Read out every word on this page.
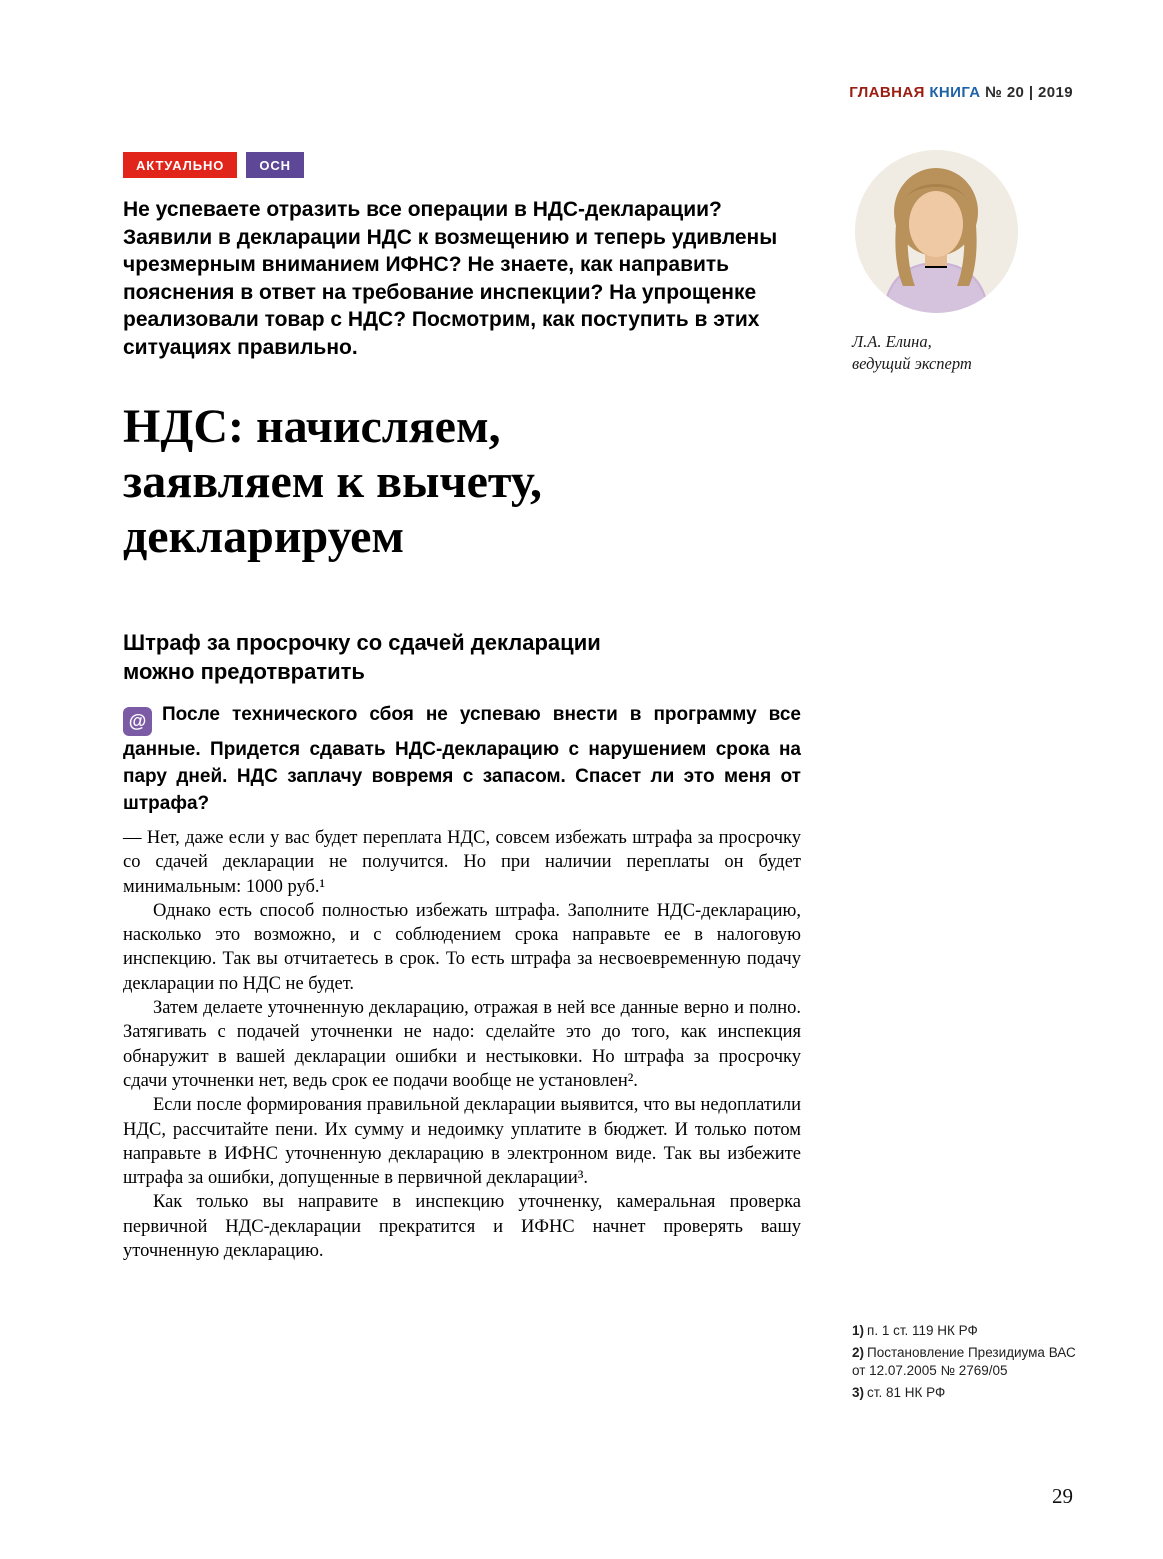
ГЛАВНАЯ КНИГА № 20 | 2019
Л.А. Елина,
ведущий эксперт
АКТУАЛЬНО	ОСН
Не успеваете отразить все операции в НДС-декларации? Заявили в декларации НДС к возмещению и теперь удивлены чрезмерным вниманием ИФНС? Не знаете, как направить пояснения в ответ на требование инспекции? На упрощенке реализовали товар с НДС? Посмотрим, как поступить в этих ситуациях правильно.
НДС: начисляем,
заявляем к вычету,
декларируем
Штраф за просрочку со сдачей декларации
можно предотвратить
@ После технического сбоя не успеваю внести в программу все данные. Придется сдавать НДС-декларацию с нарушением срока на пару дней. НДС заплачу вовремя с запасом. Спасет ли это меня от штрафа?

— Нет, даже если у вас будет переплата НДС, совсем избежать штрафа за просрочку со сдачей декларации не получится. Но при наличии переплаты он будет минимальным: 1000 руб.¹

Однако есть способ полностью избежать штрафа. Заполните НДС-декларацию, насколько это возможно, и с соблюдением срока направьте ее в налоговую инспекцию. Так вы отчитаетесь в срок. То есть штрафа за несвоевременную подачу декларации по НДС не будет.

Затем делаете уточненную декларацию, отражая в ней все данные верно и полно. Затягивать с подачей уточненки не надо: сделайте это до того, как инспекция обнаружит в вашей декларации ошибки и нестыковки. Но штрафа за просрочку сдачи уточненки нет, ведь срок ее подачи вообще не установлен².

Если после формирования правильной декларации выявится, что вы недоплатили НДС, рассчитайте пени. Их сумму и недоимку уплатите в бюджет. И только потом направьте в ИФНС уточненную декларацию в электронном виде. Так вы избежите штрафа за ошибки, допущенные в первичной декларации³.

Как только вы направите в инспекцию уточненку, камеральная проверка первичной НДС-декларации прекратится и ИФНС начнет проверять вашу уточненную декларацию.

1) п. 1 ст. 119 НК РФ
2) Постановление Президиума ВАС от 12.07.2005 № 2769/05
3) ст. 81 НК РФ
29
